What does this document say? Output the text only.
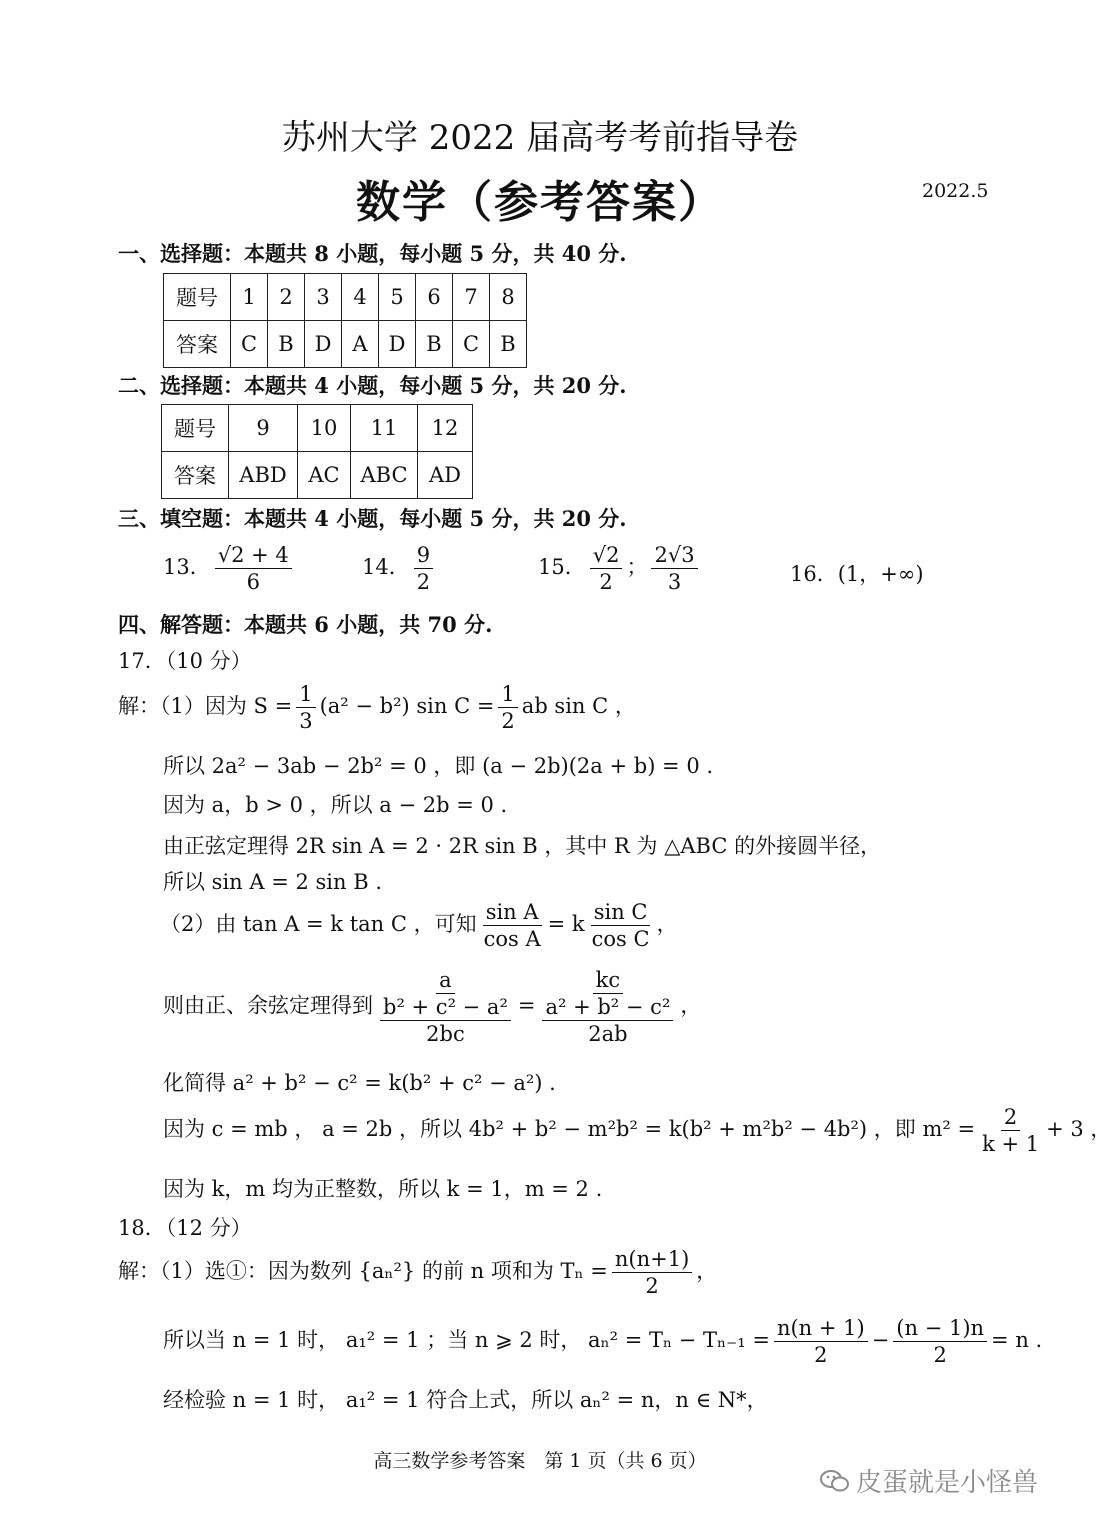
苏州大学 2022 届高考考前指导卷
数学（参考答案）	2022.5
一、选择题：本题共 8 小题，每小题 5 分，共 40 分.
题号	1	2	3	4	5	6	7	8
答案	C	B	D	A	D	B	C	B
二、选择题：本题共 4 小题，每小题 5 分，共 20 分.
题号	9	10	11	12
答案	ABD	AC	ABC	AD
三、填空题：本题共 4 小题，每小题 5 分，共 20 分.
13． $\frac{√2 + 4}{6}$	14． $\frac{9}{2}$	15． $\frac{√2}{2}$ ； $\frac{2√3}{3}$	16．(1，+∞)
四、解答题：本题共 6 小题，共 70 分.
17．（10 分）
解：（1）因为 $S = \frac{1}{3} (a^2 - b^2)$ $\sin C = \frac{1}{2}$ ab sin C ，
所以 2a² − 3ab − 2b² = 0 ，即 (a − 2b)(2a + b) = 0 .
因为 a，b > 0 ，所以 a − 2b = 0 .
由正弦定理得 2R sin A = 2 · 2R sin B ，其中 R 为 △ABC 的外接圆半径，
所以 sin A = 2 sin B .
（2）由 tan A = k tan C ，可知 $\frac{\text{sin A}}{\text{cos A}} = k \frac{\text{sin C}}{\text{cos C}}$ ，
则由正、余弦定理得到 $\frac{a}{\frac{\text{b² + c² − a²}}{2bc}} = \frac{kc}{\frac{\text{a² + b² − c²}}{2ab}}$ ，
化简得 a² + b² − c² = k(b² + c² − a²) .
因为 c = mb ， a = 2b ，所以 4b² + b² − m²b² = k(b² + m²b² − 4b²) ，即 $m^2 = \frac{2}{k + 1} + 3$ ，
因为 k，m 均为正整数，所以 k = 1，m = 2 .
18．（12 分）
解：（1）选①：因为数列 {aₙ²} 的前 n 项和为 $T_n = \frac{n(n+1)}{2}$ ，
所以当 n = 1 时， a₁² = 1 ；当 n ⩾ 2 时， $a_n^2 = T_n - T_{n-1} = \frac{n(n + 1)}{2} - \frac{(n - 1)n}{2} = n$ .
经检验 n = 1 时， a₁² = 1 符合上式，所以 aₙ² = n，n ∈ N*，
高三数学参考答案　第 1 页（共 6 页）
皮蛋就是小怪兽
